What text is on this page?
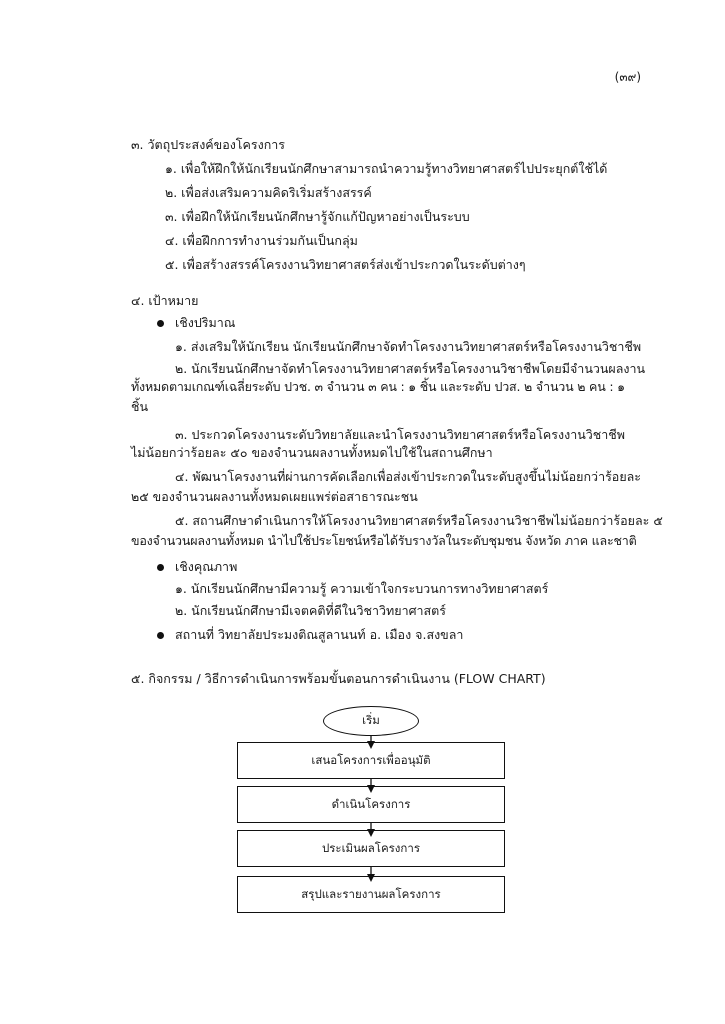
(๓๙)
๓. วัตถุประสงค์ของโครงการ
๑. เพื่อให้ฝึกให้นักเรียนนักศึกษาสามารถนำความรู้ทางวิทยาศาสตร์ไปประยุกต์ใช้ได้
๒. เพื่อส่งเสริมความคิดริเริ่มสร้างสรรค์
๓. เพื่อฝึกให้นักเรียนนักศึกษารู้จักแก้ปัญหาอย่างเป็นระบบ
๔. เพื่อฝึกการทำงานร่วมกันเป็นกลุ่ม
๕. เพื่อสร้างสรรค์โครงงานวิทยาศาสตร์ส่งเข้าประกวดในระดับต่างๆ
๔. เป้าหมาย
เชิงปริมาณ
๑. ส่งเสริมให้นักเรียน นักเรียนนักศึกษาจัดทำโครงงานวิทยาศาสตร์หรือโครงงานวิชาชีพ
๒. นักเรียนนักศึกษาจัดทำโครงงานวิทยาศาสตร์หรือโครงงานวิชาชีพโดยมีจำนวนผลงาน
ทั้งหมดตามเกณฑ์เฉลี่ยระดับ ปวช. ๓ จำนวน ๓ คน : ๑ ชิ้น และระดับ ปวส. ๒ จำนวน ๒ คน : ๑
ชิ้น
๓. ประกวดโครงงานระดับวิทยาลัยและนำโครงงานวิทยาศาสตร์หรือโครงงานวิชาชีพ
ไม่น้อยกว่าร้อยละ ๕๐ ของจำนวนผลงานทั้งหมดไปใช้ในสถานศึกษา
๔. พัฒนาโครงงานที่ผ่านการคัดเลือกเพื่อส่งเข้าประกวดในระดับสูงขึ้นไม่น้อยกว่าร้อยละ
๒๕ ของจำนวนผลงานทั้งหมดเผยแพร่ต่อสาธารณะชน
๕. สถานศึกษาดำเนินการให้โครงงานวิทยาศาสตร์หรือโครงงานวิชาชีพไม่น้อยกว่าร้อยละ ๕
ของจำนวนผลงานทั้งหมด นำไปใช้ประโยชน์หรือได้รับรางวัลในระดับชุมชน จังหวัด ภาค และชาติ
เชิงคุณภาพ
๑. นักเรียนนักศึกษามีความรู้ ความเข้าใจกระบวนการทางวิทยาศาสตร์
๒. นักเรียนนักศึกษามีเจตคติที่ดีในวิชาวิทยาศาสตร์
สถานที่ วิทยาลัยประมงติณสูลานนท์ อ. เมือง จ.สงขลา
๕. กิจกรรม / วิธีการดำเนินการพร้อมขั้นตอนการดำเนินงาน (FLOW CHART)
เริ่ม
เสนอโครงการเพื่ออนุมัติ
ดำเนินโครงการ
ประเมินผลโครงการ
สรุปและรายงานผลโครงการ
